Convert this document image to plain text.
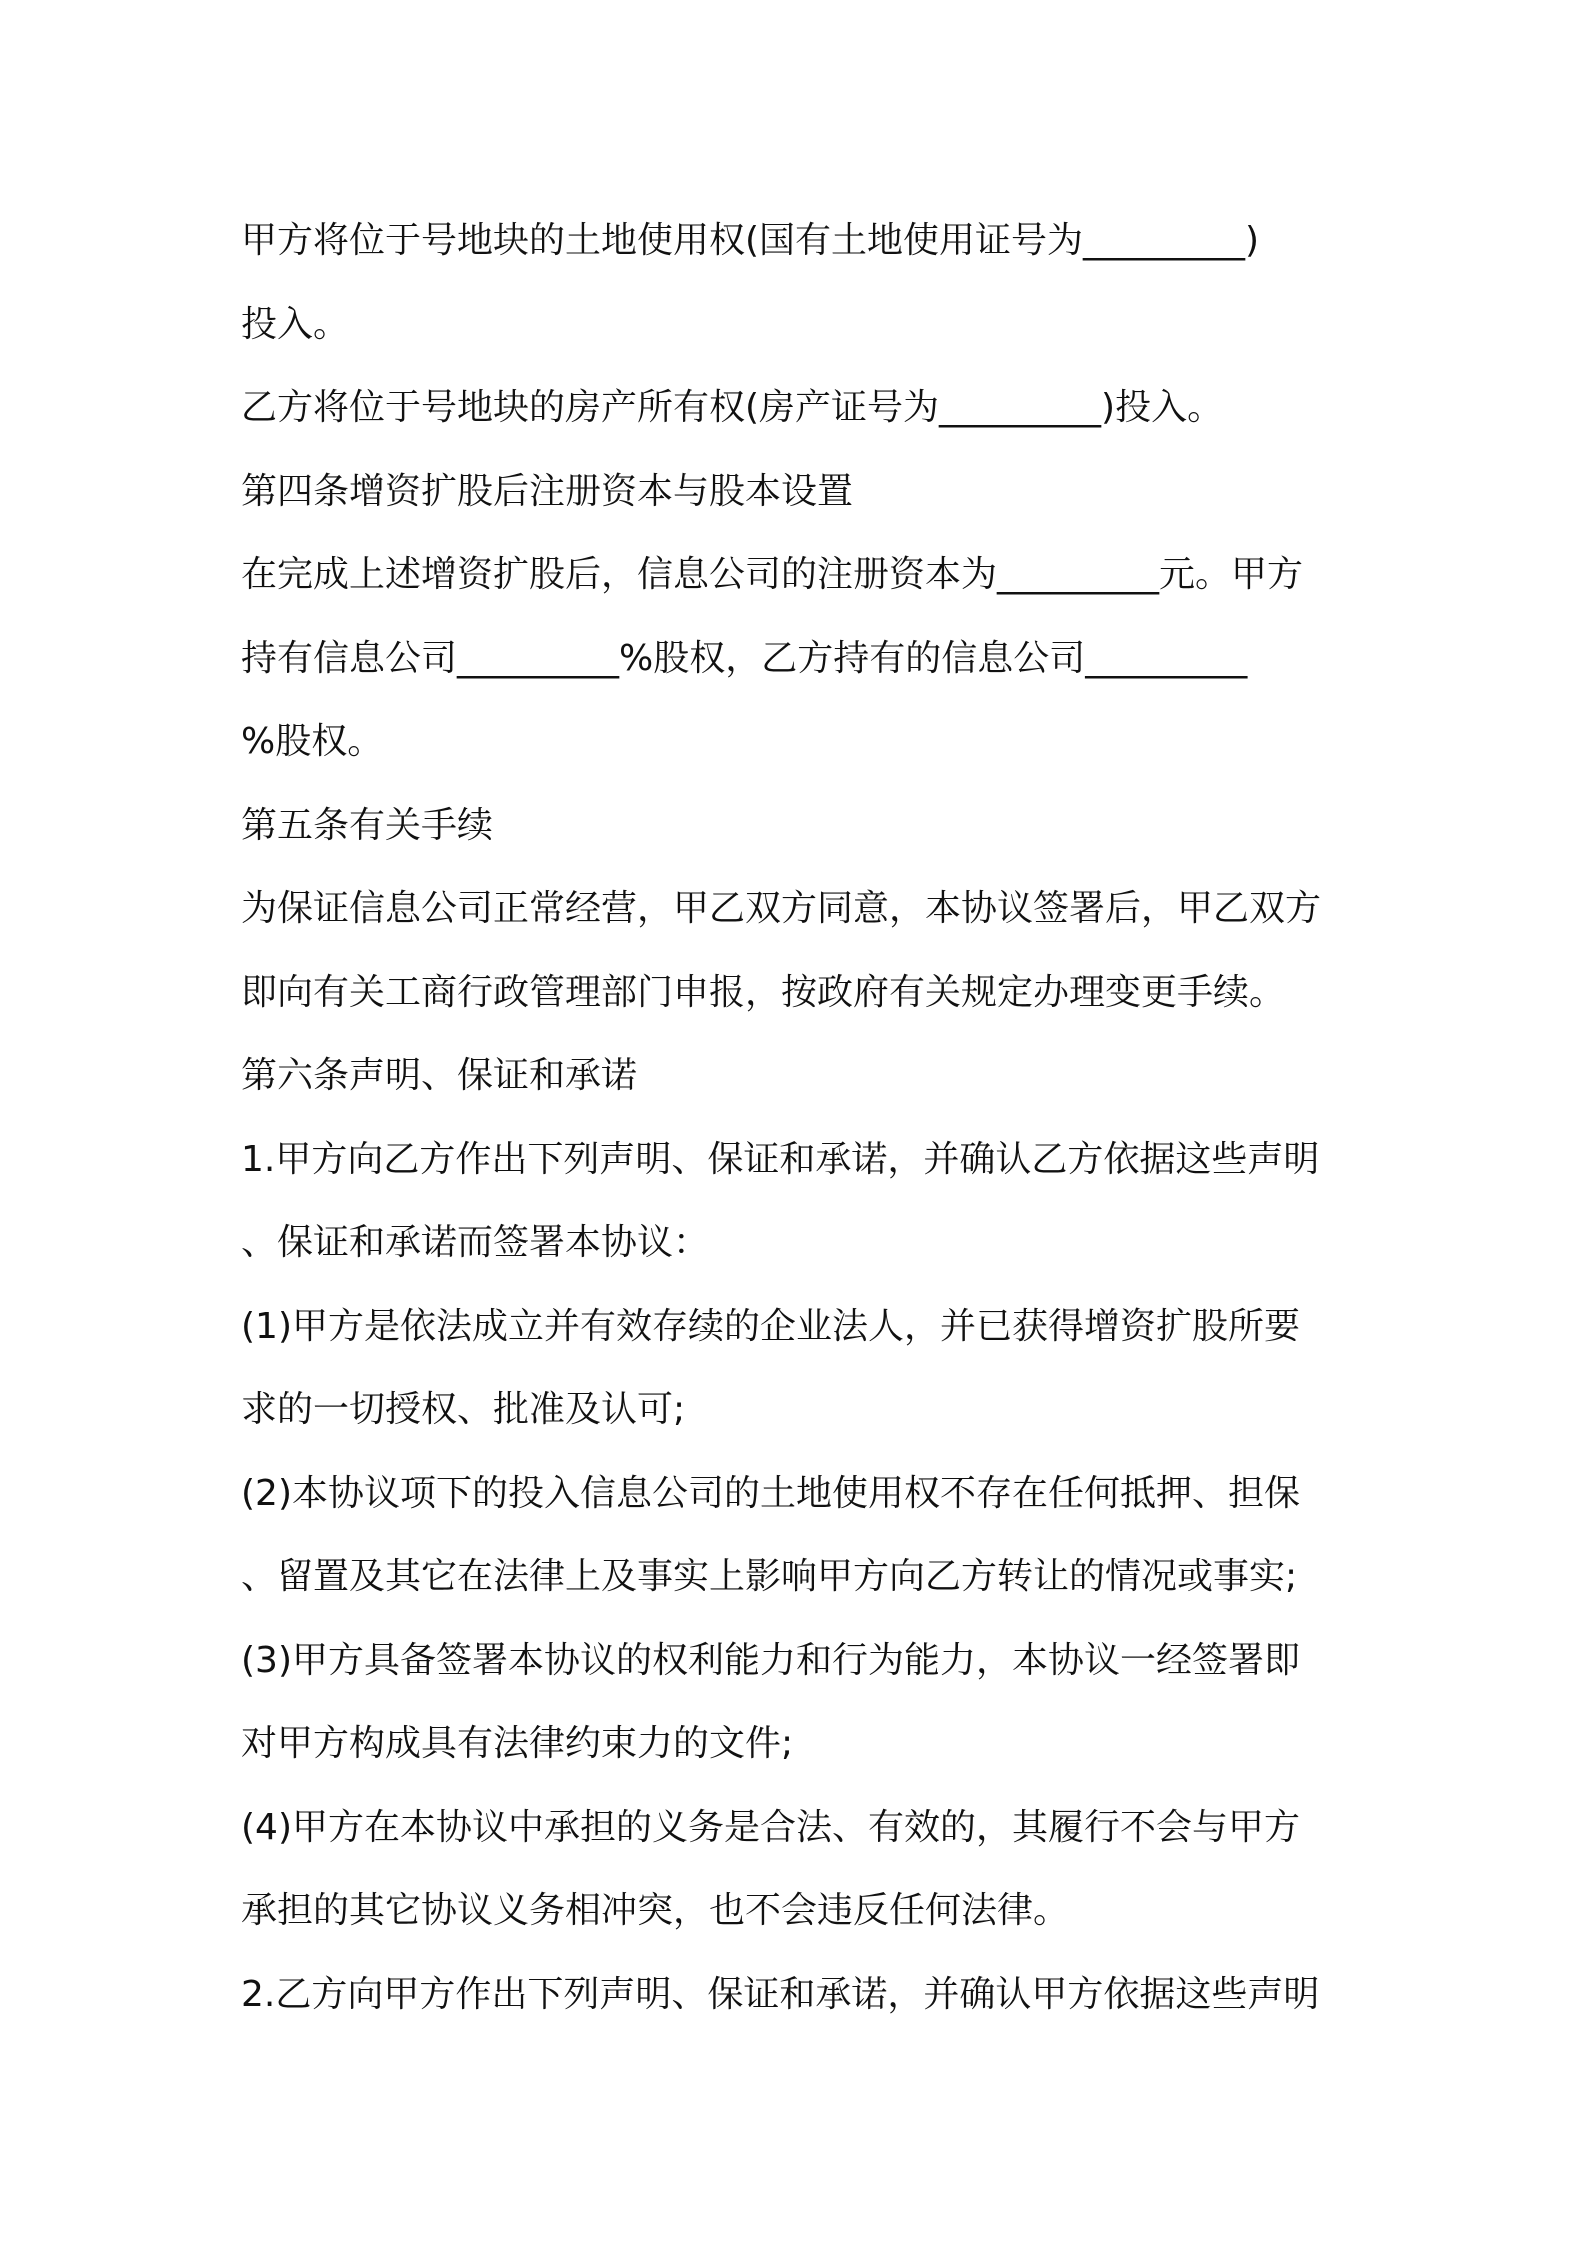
甲方将位于号地块的土地使用权(国有土地使用证号为_________)
投入。
乙方将位于号地块的房产所有权(房产证号为_________)投入。
第四条增资扩股后注册资本与股本设置
在完成上述增资扩股后，信息公司的注册资本为_________元。甲方
持有信息公司_________%股权，乙方持有的信息公司_________
%股权。
第五条有关手续
为保证信息公司正常经营，甲乙双方同意，本协议签署后，甲乙双方
即向有关工商行政管理部门申报，按政府有关规定办理变更手续。
第六条声明、保证和承诺
1.甲方向乙方作出下列声明、保证和承诺，并确认乙方依据这些声明
、保证和承诺而签署本协议：
(1)甲方是依法成立并有效存续的企业法人，并已获得增资扩股所要
求的一切授权、批准及认可;
(2)本协议项下的投入信息公司的土地使用权不存在任何抵押、担保
、留置及其它在法律上及事实上影响甲方向乙方转让的情况或事实;
(3)甲方具备签署本协议的权利能力和行为能力，本协议一经签署即
对甲方构成具有法律约束力的文件;
(4)甲方在本协议中承担的义务是合法、有效的，其履行不会与甲方
承担的其它协议义务相冲突，也不会违反任何法律。
2.乙方向甲方作出下列声明、保证和承诺，并确认甲方依据这些声明
